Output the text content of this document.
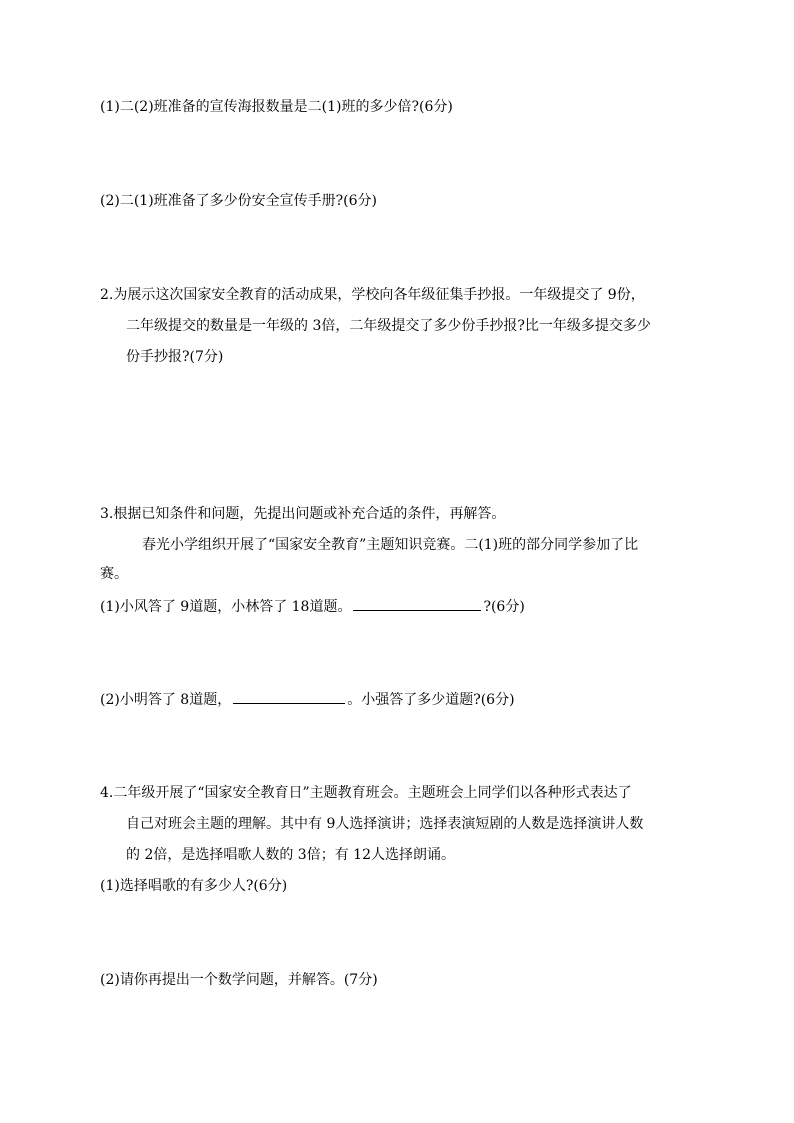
(1)二(2)班准备的宣传海报数量是二(1)班的多少倍?(6分)
(2)二(1)班准备了多少份安全宣传手册?(6分)
2.为展示这次国家安全教育的活动成果，学校向各年级征集手抄报。一年级提交了 9份，
二年级提交的数量是一年级的 3倍，二年级提交了多少份手抄报?比一年级多提交多少
份手抄报?(7分)
3.根据已知条件和问题，先提出问题或补充合适的条件，再解答。
春光小学组织开展了“国家安全教育”主题知识竞赛。二(1)班的部分同学参加了比
赛。
(1)小风答了 9道题，小林答了 18道题。	?(6分)
(2)小明答了 8道题，	。小强答了多少道题?(6分)
4.二年级开展了“国家安全教育日”主题教育班会。主题班会上同学们以各种形式表达了
自己对班会主题的理解。其中有 9人选择演讲；选择表演短剧的人数是选择演讲人数
的 2倍，是选择唱歌人数的 3倍；有 12人选择朗诵。
(1)选择唱歌的有多少人?(6分)
(2)请你再提出一个数学问题，并解答。(7分)
